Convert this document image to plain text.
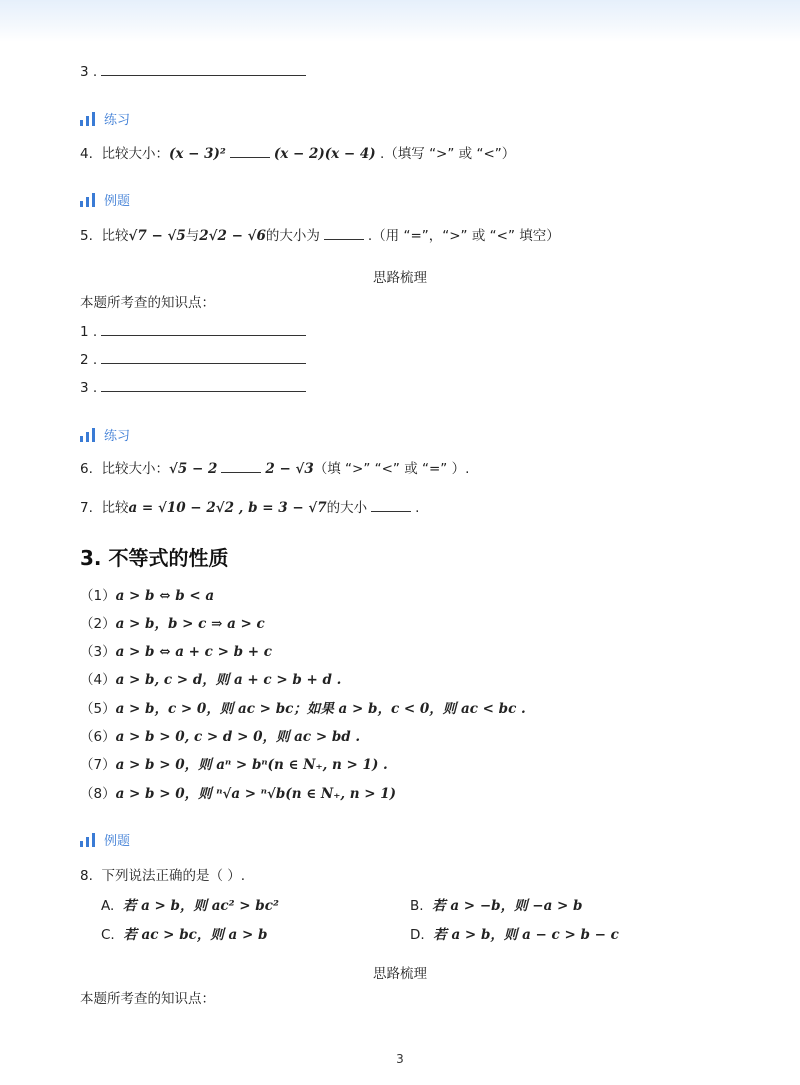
3 .
练习
4. 比较大小：(x − 3)²	(x − 2)(x − 4) .（填写 “>” 或 “<”）
例题
5. 比较√7 − √5与2√2 − √6的大小为	.（用 “=”，“>” 或 “<” 填空）
思路梳理
本题所考查的知识点：
1 .
2 .
3 .
练习
6. 比较大小：√5 − 2	2 − √3（填 “>” “<” 或 “=” ）.
7. 比较a = √10 − 2√2 , b = 3 − √7的大小	.
3. 不等式的性质
（1）a > b ⇔ b < a
（2）a > b，b > c ⇒ a > c
（3）a > b ⇔ a + c > b + c
（4）a > b, c > d，则 a + c > b + d .
（5）a > b，c > 0，则 ac > bc；如果 a > b，c < 0，则 ac < bc .
（6）a > b > 0, c > d > 0，则 ac > bd .
（7）a > b > 0，则 aⁿ > bⁿ(n ∈ N₊, n > 1) .
（8）a > b > 0，则 ⁿ√a > ⁿ√b(n ∈ N₊, n > 1)
例题
8. 下列说法正确的是（ ）.
A. 若 a > b，则 ac² > bc²	B. 若 a > −b，则 −a > b
C. 若 ac > bc，则 a > b	D. 若 a > b，则 a − c > b − c
思路梳理
本题所考查的知识点：
3
